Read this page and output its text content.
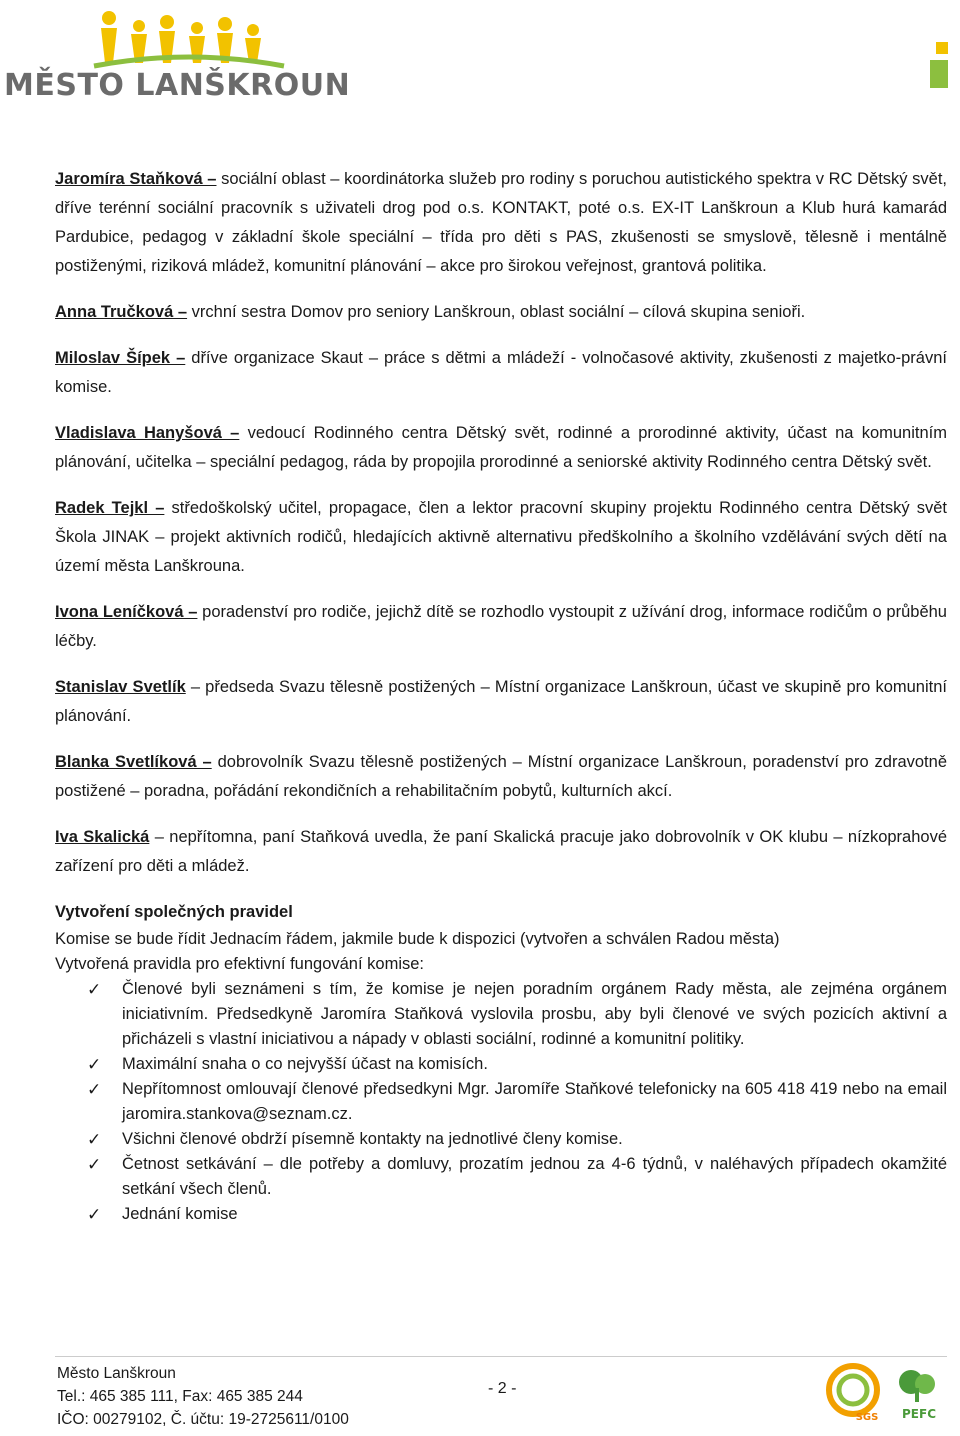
MĚSTO LANŠKROUN

Jaromíra Staňková – sociální oblast – koordinátorka služeb pro rodiny s poruchou autistického spektra v RC Dětský svět, dříve terénní sociální pracovník s uživateli drog pod o.s. KONTAKT, poté o.s. EX-IT Lanškroun a Klub hurá kamarád Pardubice, pedagog v základní škole speciální – třída pro děti s PAS, zkušenosti se smyslově, tělesně i mentálně postiženými, riziková mládež, komunitní plánování – akce pro širokou veřejnost, grantová politika.

Anna Tručková – vrchní sestra Domov pro seniory Lanškroun, oblast sociální – cílová skupina senioři.

Miloslav Šípek – dříve organizace Skaut – práce s dětmi a mládeží - volnočasové aktivity, zkušenosti z majetko-právní komise.

Vladislava Hanyšová – vedoucí Rodinného centra Dětský svět, rodinné a prorodinné aktivity, účast na komunitním plánování, učitelka – speciální pedagog, ráda by propojila prorodinné a seniorské aktivity Rodinného centra Dětský svět.

Radek Tejkl – středoškolský učitel, propagace, člen a lektor pracovní skupiny projektu Rodinného centra Dětský svět Škola JINAK – projekt aktivních rodičů, hledajících aktivně alternativu předškolního a školního vzdělávání svých dětí na území města Lanškrouna.

Ivona Leníčková – poradenství pro rodiče, jejichž dítě se rozhodlo vystoupit z užívání drog, informace rodičům o průběhu léčby.

Stanislav Svetlík – předseda Svazu tělesně postižených – Místní organizace Lanškroun, účast ve skupině pro komunitní plánování.

Blanka Svetlíková – dobrovolník Svazu tělesně postižených – Místní organizace Lanškroun, poradenství pro zdravotně postižené – poradna, pořádání rekondičních a rehabilitačním pobytů, kulturních akcí.

Iva Skalická – nepřítomna, paní Staňková uvedla, že paní Skalická pracuje jako dobrovolník v OK klubu – nízkoprahové zařízení pro děti a mládež.

Vytvoření společných pravidel

Komise se bude řídit Jednacím řádem, jakmile bude k dispozici (vytvořen a schválen Radou města)

Vytvořená pravidla pro efektivní fungování komise:

✓ Členové byli seznámeni s tím, že komise je nejen poradním orgánem Rady města, ale zejména orgánem iniciativním. Předsedkyně Jaromíra Staňková vyslovila prosbu, aby byli členové ve svých pozicích aktivní a přicházeli s vlastní iniciativou a nápady v oblasti sociální, rodinné a komunitní politiky.
✓ Maximální snaha o co nejvyšší účast na komisích.
✓ Nepřítomnost omlouvají členové předsedkyni Mgr. Jaromíře Staňkové telefonicky na 605 418 419 nebo na email jaromira.stankova@seznam.cz.
✓ Všichni členové obdrží písemně kontakty na jednotlivé členy komise.
✓ Četnost setkávání – dle potřeby a domluvy, prozatím jednou za 4-6 týdnů, v naléhavých případech okamžité setkání všech členů.
✓ Jednání komise
Město Lanškroun
Tel.: 465 385 111, Fax: 465 385 244
IČO: 00279102, Č. účtu: 19-2725611/0100
- 2 -
SGS PEFC
